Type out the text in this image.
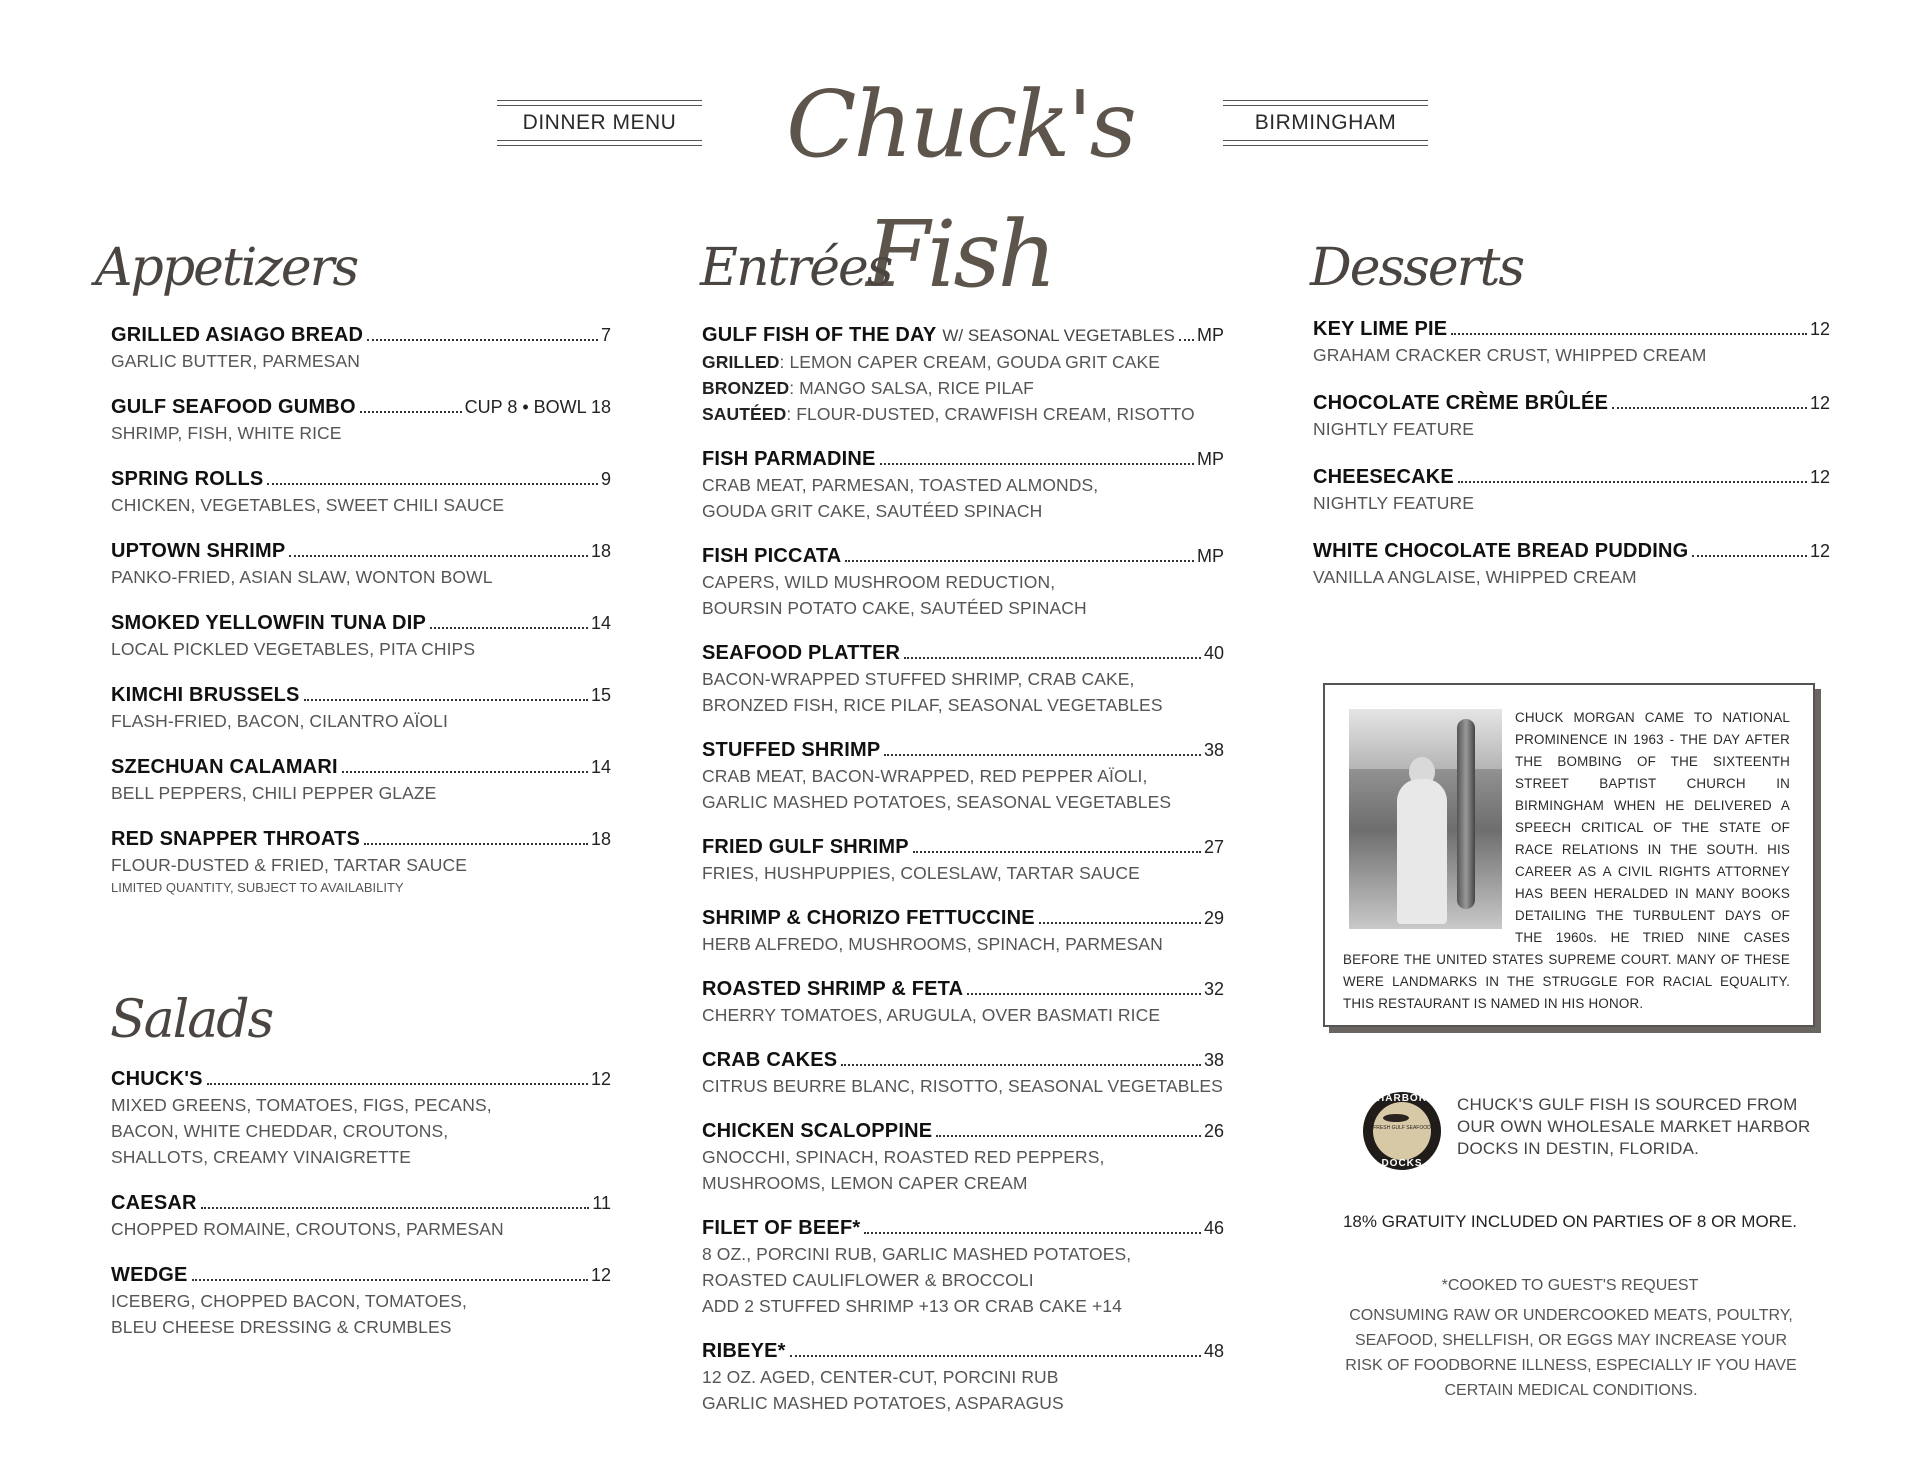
DINNER MENU	Chuck's Fish
BIRMINGHAM
Appetizers
Salads
Entrées	Desserts
GRILLED ASIAGO BREAD	7
GARLIC BUTTER, PARMESAN
GULF SEAFOOD GUMBO	CUP 8 • BOWL 18
SHRIMP, FISH, WHITE RICE
SPRING ROLLS	9
CHICKEN, VEGETABLES, SWEET CHILI SAUCE
UPTOWN SHRIMP	18
PANKO-FRIED, ASIAN SLAW, WONTON BOWL
SMOKED YELLOWFIN TUNA DIP	14
LOCAL PICKLED VEGETABLES, PITA CHIPS
KIMCHI BRUSSELS	15
FLASH-FRIED, BACON, CILANTRO AÏOLI
SZECHUAN CALAMARI	14
BELL PEPPERS, CHILI PEPPER GLAZE
RED SNAPPER THROATS	18
FLOUR-DUSTED & FRIED, TARTAR SAUCE
LIMITED QUANTITY, SUBJECT TO AVAILABILITY
CHUCK'S	12
MIXED GREENS, TOMATOES, FIGS, PECANS,
BACON, WHITE CHEDDAR, CROUTONS,
SHALLOTS, CREAMY VINAIGRETTE
CAESAR	11
CHOPPED ROMAINE, CROUTONS, PARMESAN
WEDGE	12
ICEBERG, CHOPPED BACON, TOMATOES,
BLEU CHEESE DRESSING & CRUMBLES
GULF FISH OF THE DAY W/ SEASONAL VEGETABLES MP
GRILLED: LEMON CAPER CREAM, GOUDA GRIT CAKE
BRONZED: MANGO SALSA, RICE PILAF
SAUTÉED: FLOUR-DUSTED, CRAWFISH CREAM, RISOTTO
FISH PARMADINE	MP
CRAB MEAT, PARMESAN, TOASTED ALMONDS,
GOUDA GRIT CAKE, SAUTÉED SPINACH
FISH PICCATA	MP
CAPERS, WILD MUSHROOM REDUCTION,
BOURSIN POTATO CAKE, SAUTÉED SPINACH
SEAFOOD PLATTER	40
BACON-WRAPPED STUFFED SHRIMP, CRAB CAKE,
BRONZED FISH, RICE PILAF, SEASONAL VEGETABLES
STUFFED SHRIMP	38
CRAB MEAT, BACON-WRAPPED, RED PEPPER AÏOLI,
GARLIC MASHED POTATOES, SEASONAL VEGETABLES
FRIED GULF SHRIMP	27
FRIES, HUSHPUPPIES, COLESLAW, TARTAR SAUCE
SHRIMP & CHORIZO FETTUCCINE	29
HERB ALFREDO, MUSHROOMS, SPINACH, PARMESAN
ROASTED SHRIMP & FETA	32
CHERRY TOMATOES, ARUGULA, OVER BASMATI RICE
CRAB CAKES	38
CITRUS BEURRE BLANC, RISOTTO, SEASONAL VEGETABLES
CHICKEN SCALOPPINE	26
GNOCCHI, SPINACH, ROASTED RED PEPPERS,
MUSHROOMS, LEMON CAPER CREAM
FILET OF BEEF*	46
8 OZ., PORCINI RUB, GARLIC MASHED POTATOES,
ROASTED CAULIFLOWER & BROCCOLI
ADD 2 STUFFED SHRIMP +13 OR CRAB CAKE +14
RIBEYE*	48
12 OZ. AGED, CENTER-CUT, PORCINI RUB
GARLIC MASHED POTATOES, ASPARAGUS
KEY LIME PIE	12
GRAHAM CRACKER CRUST, WHIPPED CREAM
CHOCOLATE CRÈME BRÛLÉE	12
NIGHTLY FEATURE
CHEESECAKE	12
NIGHTLY FEATURE
WHITE CHOCOLATE BREAD PUDDING	12
VANILLA ANGLAISE, WHIPPED CREAM
CHUCK MORGAN CAME TO NATIONAL PROMINENCE IN 1963 - THE DAY AFTER THE BOMBING OF THE SIXTEENTH STREET BAPTIST CHURCH IN BIRMINGHAM WHEN HE DELIVERED A SPEECH CRITICAL OF THE STATE OF RACE RELATIONS IN THE SOUTH. HIS CAREER AS A CIVIL RIGHTS ATTORNEY HAS BEEN HERALDED IN MANY BOOKS DETAILING THE TURBULENT DAYS OF THE 1960s. HE TRIED NINE CASES BEFORE THE UNITED STATES SUPREME COURT. MANY OF THESE WERE LANDMARKS IN THE STRUGGLE FOR RACIAL EQUALITY. THIS RESTAURANT IS NAMED IN HIS HONOR.
HARBOR
FRESH GULF SEAFOOD
DOCKS
CHUCK'S GULF FISH IS SOURCED FROM OUR OWN WHOLESALE MARKET HARBOR DOCKS IN DESTIN, FLORIDA.
18% GRATUITY INCLUDED ON PARTIES OF 8 OR MORE.
*COOKED TO GUEST'S REQUEST
CONSUMING RAW OR UNDERCOOKED MEATS, POULTRY, SEAFOOD, SHELLFISH, OR EGGS MAY INCREASE YOUR RISK OF FOODBORNE ILLNESS, ESPECIALLY IF YOU HAVE CERTAIN MEDICAL CONDITIONS.
